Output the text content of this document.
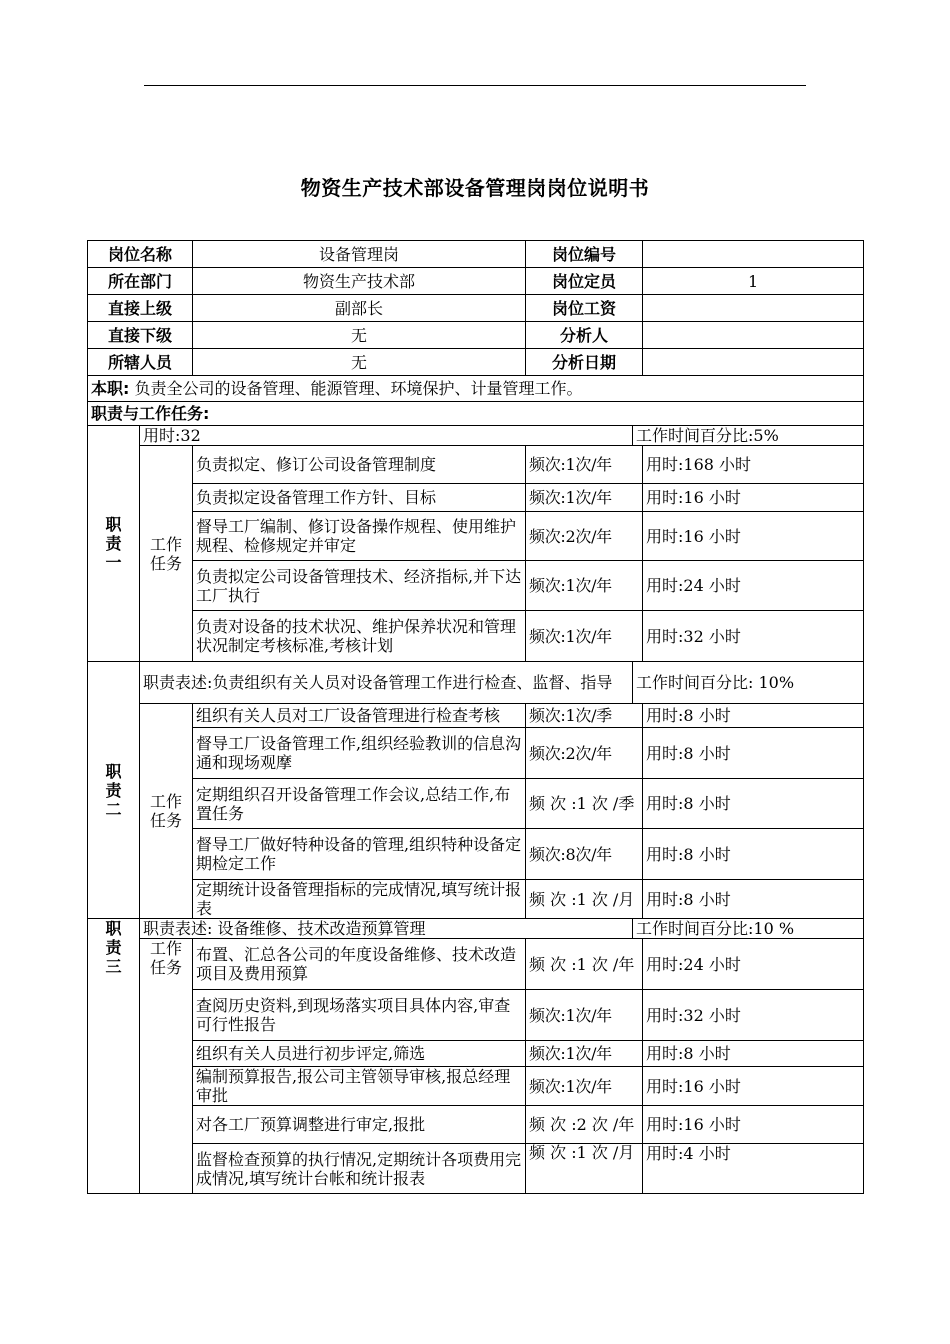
物资生产技术部设备管理岗岗位说明书
岗位名称		设备管理岗	岗位编号		
所在部门		物资生产技术部	岗位定员		1
直接上级		副部长	岗位工资		
直接下级		无	分析人		
所辖人员		无	分析日期		
本职: 负责全公司的设备管理、能源管理、环境保护、计量管理工作。					
职责与工作任务:					
职
责
一	用时:32			工作时间百分比:5%	
	工作
任务	负责拟定、修订公司设备管理制度	频次:1次/年		用时:168 小时
		负责拟定设备管理工作方针、目标	频次:1次/年		用时:16 小时
		督导工厂编制、修订设备操作规程、使用维护规程、检修规定并审定	频次:2次/年		用时:16 小时
		负责拟定公司设备管理技术、经济指标,并下达工厂执行	频次:1次/年		用时:24 小时
		负责对设备的技术状况、维护保养状况和管理状况制定考核标准,考核计划	频次:1次/年		用时:32 小时
职
责
二	职责表述:负责组织有关人员对设备管理工作进行检查、监督、指导			工作时间百分比: 10%	
	工作
任务	组织有关人员对工厂设备管理进行检查考核	频次:1次/季		用时:8 小时
		督导工厂设备管理工作,组织经验教训的信息沟通和现场观摩	频次:2次/年		用时:8 小时
		定期组织召开设备管理工作会议,总结工作,布置任务	频 次 :1 次 /季		用时:8 小时
		督导工厂做好特种设备的管理,组织特种设备定期检定工作	频次:8次/年		用时:8 小时
		定期统计设备管理指标的完成情况,填写统计报表	频 次 :1 次 /月		用时:8 小时
职
责
三	职责表述: 设备维修、技术改造预算管理			工作时间百分比:10 %	
	工作
任务	布置、汇总各公司的年度设备维修、技术改造项目及费用预算	频 次 :1 次 /年		用时:24 小时
		查阅历史资料,到现场落实项目具体内容,审查可行性报告	频次:1次/年		用时:32 小时
		组织有关人员进行初步评定,筛选	频次:1次/年		用时:8 小时
		编制预算报告,报公司主管领导审核,报总经理审批	频次:1次/年		用时:16 小时
		对各工厂预算调整进行审定,报批	频 次 :2 次 /年		用时:16 小时
		监督检查预算的执行情况,定期统计各项费用完成情况,填写统计台帐和统计报表	频 次 :1 次 /月		用时:4 小时
